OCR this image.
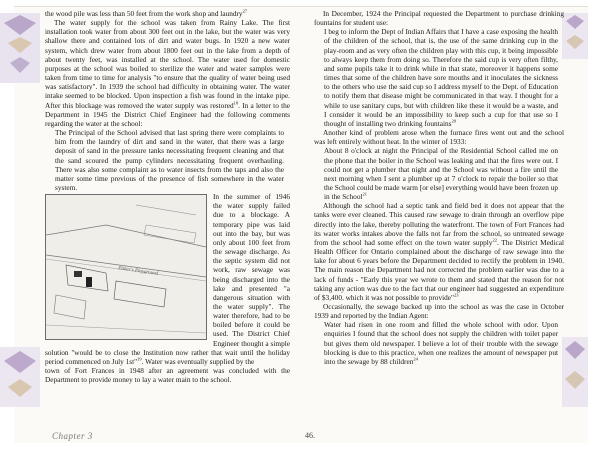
the wood pile was less than 50 feet from the work shop and laundry$^{27}$

The water supply for the school was taken from Rainy Lake. The first installation took water from about 300 feet out in the lake, but the water was very shallow there and contained lots of dirt and water bugs. In 1920 a new water system, which drew water from about 1800 feet out in the lake from a depth of about twenty feet, was installed at the school. The water used for domestic purposes at the school was boiled to sterilize the water and water samples were taken from time to time for analysis "to ensure that the quality of water being used was satisfactory". In 1939 the school had difficulty in obtaining water. The water intake seemed to be blocked. Upon inspection a fish was found in the intake pipe. After this blockage was removed the water supply was restored$^{18}$. In a letter to the Department in 1945 the District Chief Engineer had the following comments regarding the water at the school:

The Principal of the School advised that last spring there were complaints to him from the laundry of dirt and sand in the water, that there was a large deposit of sand in the pressure tanks necessitating frequent cleaning and that the sand scoured the pump cylinders necessitating frequent overhauling. There was also some complaint as to water insects from the taps and also the matter some time previous of the presence of fish somewhere in the water system.

Pither's Playground

In the summer of 1946 the water supply failed due to a blockage. A temporary pipe was laid out into the bay, but was only about 100 feet from the sewage discharge. As the septic system did not work, raw sewage was being discharged into the lake and presented "a dangerous situation with the water supply". The water therefore, had to be boiled before it could be used. The District Chief Engineer thought a simple solution "would be to close the Institution now rather that wait until the holiday period commenced on July 1st"$^{19}$. Water was eventually supplied by the

town of Fort Frances in 1948 after an agreement was concluded with the Department to provide money to lay a water main to the school.

In December, 1924 the Principal requested the Department to purchase drinking fountains for student use:

I beg to inform the Dept of Indian Affairs that I have a case exposing the health of the children of the school, that is, the use of the same drinking cup in the play-room and as very often the children play with this cup, it being impossible to always keep them from doing so. Therefore the said cup is very often filthy, and some pupils take it to drink while in that state, moreover it happens some times that some of the children have sore mouths and it inoculates the sickness to the others who use the said cup so I address myself to the Dept. of Education to notify them that disease might be communicated in that way. I thought for a while to use sanitary cups, but with children like these it would be a waste, and I consider it would be an impossibility to keep such a cup for that use so I thought of installing two drinking fountains$^{20}$

Another kind of problem arose when the furnace fires went out and the school was left entirely without heat. In the winter of 1933:

About 8 o'clock at night the Principal of the Residential School called me on the phone that the boiler in the School was leaking and that the fires were out. I could not get a plumber that night and the School was without a fire until the next morning when I sent a plumber up at 7 o'clock to repair the boiler so that the School could be made warm [or else] everything would have been frozen up in the School$^{21}$

Although the school had a septic tank and field bed it does not appear that the tanks were ever cleaned. This caused raw sewage to drain through an overflow pipe directly into the lake, thereby polluting the waterfront. The town of Fort Frances had its water works intakes above the falls not far from the school, so untreated sewage from the school had some effect on the town water supply$^{22}$. The District Medical Health Officer for Ontario complained about the discharge of raw sewage into the lake for about 6 years before the Department decided to rectify the problem in 1940. The main reason the Department had not corrected the problem earlier was due to a lack of funds - "Early this year we wrote to them and stated that the reason for not taking any action was due to the fact that our engineer had suggested an expenditure of $3,400. which it was not possible to provide"$^{23}$

Occasionally, the sewage backed up into the school as was the case in October 1939 and reported by the Indian Agent:

Water had risen in one room and filled the whole school with odor. Upon enquiries I found that the school does not supply the children with toilet paper but gives them old newspaper. I believe a lot of their trouble with the sewage blocking is due to this practice, when one realizes the amount of newspaper put into the sewage by 88 children$^{24}$

Chapter 3	46.
